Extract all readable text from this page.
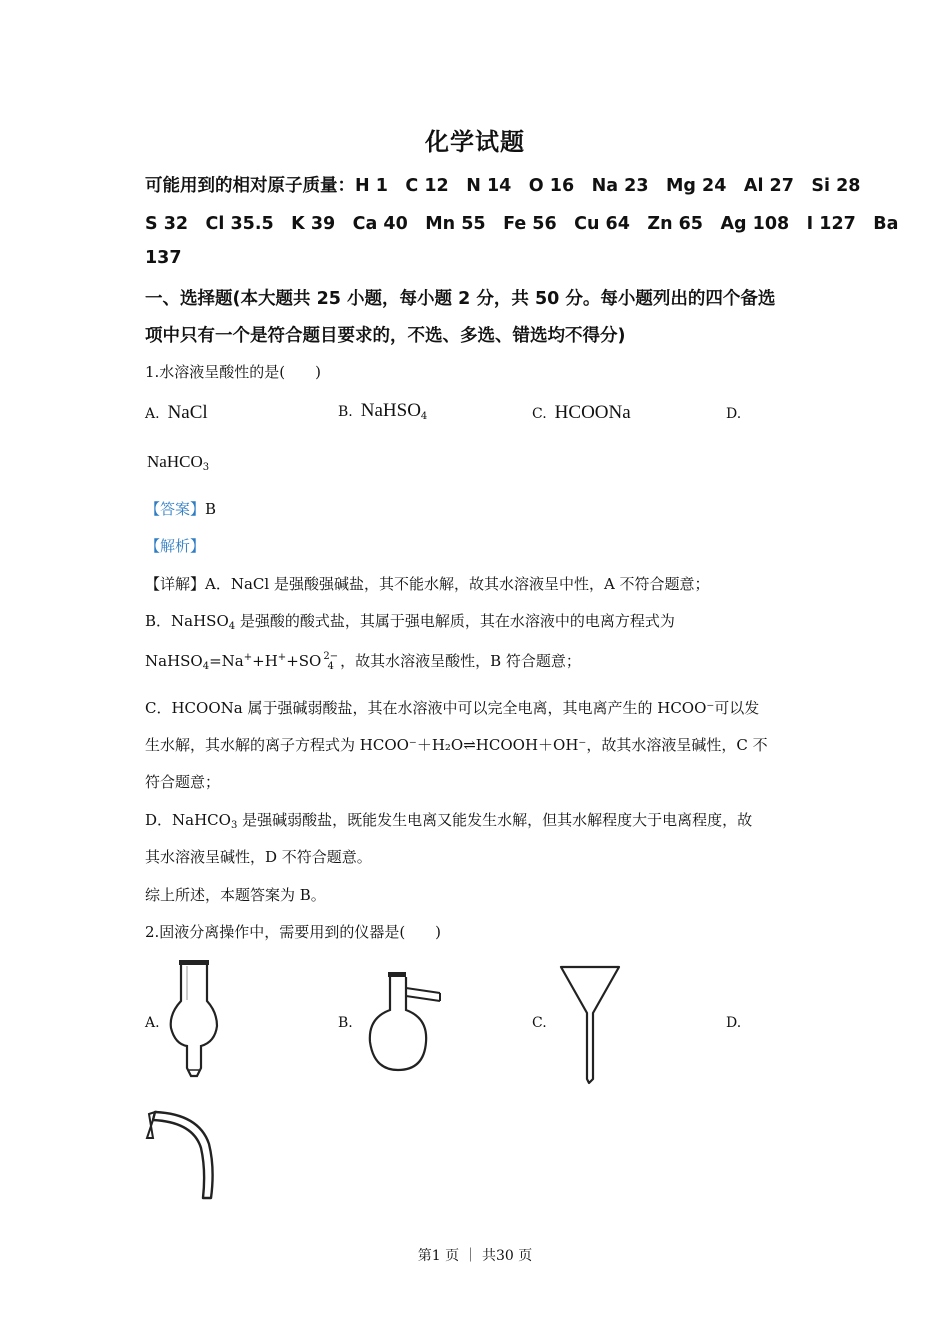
化学试题
可能用到的相对原子质量：H 1　C 12　N 14　O 16　Na 23　Mg 24　Al 27　Si 28
S 32　Cl 35.5　K 39　Ca 40　Mn 55　Fe 56　Cu 64　Zn 65　Ag 108　I 127　Ba
137
一、选择题(本大题共 25 小题，每小题 2 分，共 50 分。每小题列出的四个备选
项中只有一个是符合题目要求的，不选、多选、错选均不得分)
1.水溶液呈酸性的是(　　)
A. NaCl	B. NaHSO$_4$	C. HCOONa	D.
NaHCO$_3$
【答案】B
【解析】
【详解】A．NaCl 是强酸强碱盐，其不能水解，故其水溶液呈中性，A 不符合题意；
B．NaHSO$_4$ 是强酸的酸式盐，其属于强电解质，其在水溶液中的电离方程式为
NaHSO$_4$=Na++H++SO 2−
4 ，故其水溶液呈酸性，B 符合题意；
C．HCOONa 属于强碱弱酸盐，其在水溶液中可以完全电离，其电离产生的 HCOO⁻可以发
生水解，其水解的离子方程式为 HCOO⁻＋H₂O⇌HCOOH＋OH⁻，故其水溶液呈碱性，C 不
符合题意；
D．NaHCO$_3$ 是强碱弱酸盐，既能发生电离又能发生水解，但其水解程度大于电离程度，故
其水溶液呈碱性，D 不符合题意。
综上所述，本题答案为 B。
2.固液分离操作中，需要用到的仪器是(　　)
A.	B.	C.	D.
第1 页 ｜ 共30 页
